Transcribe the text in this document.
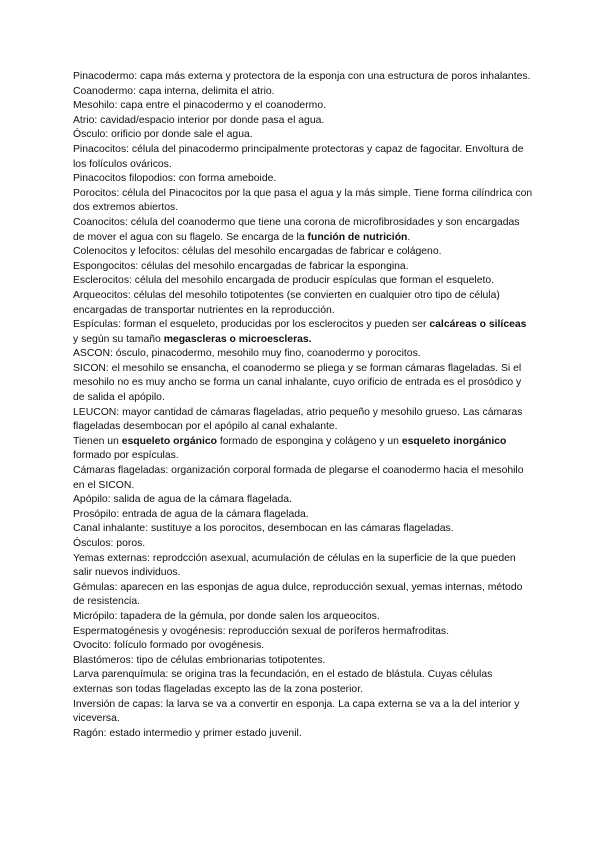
Pinacodermo: capa más externa y protectora de la esponja con una estructura de poros inhalantes.

Coanodermo: capa interna, delimita el atrio.

Mesohilo: capa entre el pinacodermo y el coanodermo.

Atrio: cavidad/espacio interior por donde pasa el agua.

Ósculo: orificio por donde sale el agua.

Pinacocitos: célula del pinacodermo principalmente protectoras y capaz de fagocitar. Envoltura de los folículos ováricos.

Pinacocitos filopodios: con forma ameboide.

Porocitos: célula del Pinacocitos por la que pasa el agua y la más simple. Tiene forma cilíndrica con dos extremos abiertos.

Coanocitos: célula del coanodermo que tiene una corona de microfibrosidades y son encargadas de mover el agua con su flagelo. Se encarga de la función de nutrición.

Colenocitos y lefocitos: células del mesohilo encargadas de fabricar e colágeno.

Espongocitos: células del mesohilo encargadas de fabricar la espongina.

Esclerocitos: célula del mesohilo encargada de producir espículas que forman el esqueleto.

Arqueocitos: células del mesohilo totipotentes (se convierten en cualquier otro tipo de célula) encargadas de transportar nutrientes en la reproducción.

Espículas: forman el esqueleto, producidas por los esclerocitos y pueden ser calcáreas o silíceas y según su tamaño megascleras o microescleras.

ASCON: ósculo, pinacodermo, mesohilo muy fino, coanodermo y porocitos.

SICON: el mesohilo se ensancha, el coanodermo se pliega y se forman cámaras flageladas. Si el mesohilo no es muy ancho se forma un canal inhalante, cuyo orificio de entrada es el prosódico y de salida el apópilo.

LEUCON: mayor cantidad de cámaras flageladas, atrio pequeño y mesohilo grueso. Las cámaras flageladas desembocan por el apópilo al canal exhalante.

Tienen un esqueleto orgánico formado de espongina y colágeno y un esqueleto inorgánico formado por espículas.

Cámaras flageladas: organización corporal formada de plegarse el coanodermo hacia el mesohilo en el SICON.

Apópilo: salida de agua de la cámara flagelada.

Prosópilo: entrada de agua de la cámara flagelada.

Canal inhalante: sustituye a los porocitos, desembocan en las cámaras flageladas.

Ósculos: poros.

Yemas externas: reprodcción asexual, acumulación de células en la superficie de la que pueden salir nuevos individuos.

Gémulas: aparecen en las esponjas de agua dulce, reproducción sexual, yemas internas, método de resistencia.

Micrópilo: tapadera de la gémula, por donde salen los arqueocitos.

Espermatogénesis y ovogénesis: reproducción sexual de poríferos hermafroditas.

Ovocito: folículo formado por ovogénesis.

Blastómeros: tipo de células embrionarias totipotentes.

Larva parenquímula: se origina tras la fecundación, en el estado de blástula. Cuyas células externas son todas flageladas excepto las de la zona posterior.

Inversión de capas: la larva se va a convertir en esponja. La capa externa se va a la del interior y viceversa.

Ragón: estado intermedio y primer estado juvenil.
